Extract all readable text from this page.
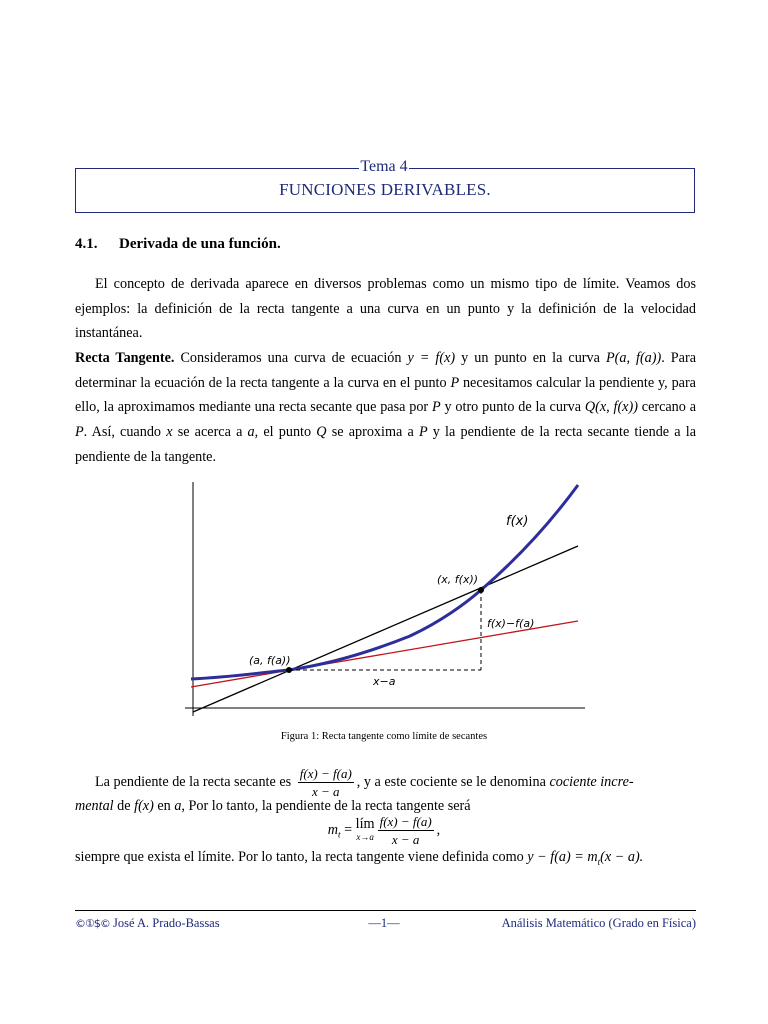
Tema 4
FUNCIONES DERIVABLES.
4.1. Derivada de una función.

El concepto de derivada aparece en diversos problemas como un mismo tipo de límite. Veamos dos ejemplos: la definición de la recta tangente a una curva en un punto y la definición de la velocidad instantánea.

Recta Tangente. Consideramos una curva de ecuación y = f(x) y un punto en la curva P(a, f(a)). Para determinar la ecuación de la recta tangente a la curva en el punto P necesitamos calcular la pendiente y, para ello, la aproximamos mediante una recta secante que pasa por P y otro punto de la curva Q(x, f(x)) cercano a P. Así, cuando x se acerca a a, el punto Q se aproxima a P y la pendiente de la recta secante tiende a la pendiente de la tangente.

f(x)
(x, f(x))
f(x)−f(a)
(a, f(a))
x−a
Figura 1: Recta tangente como límite de secantes
La pendiente de la recta secante es $\frac{f(x) - f(a)}{x - a}$ , y a este cociente se le denomina cociente incre-
mental de f(x) en a, Por lo tanto, la pendiente de la recta tangente será
$m_t$ = lím
$x\to a \frac{f(x) - f(a)}{x - a}$ ,
siempre que exista el límite. Por lo tanto, la recta tangente viene definida como $y - f(a) = m_t(x - a)$.
©①$© José A. Prado-Bassas	—1—	Análisis Matemático (Grado en Física)
